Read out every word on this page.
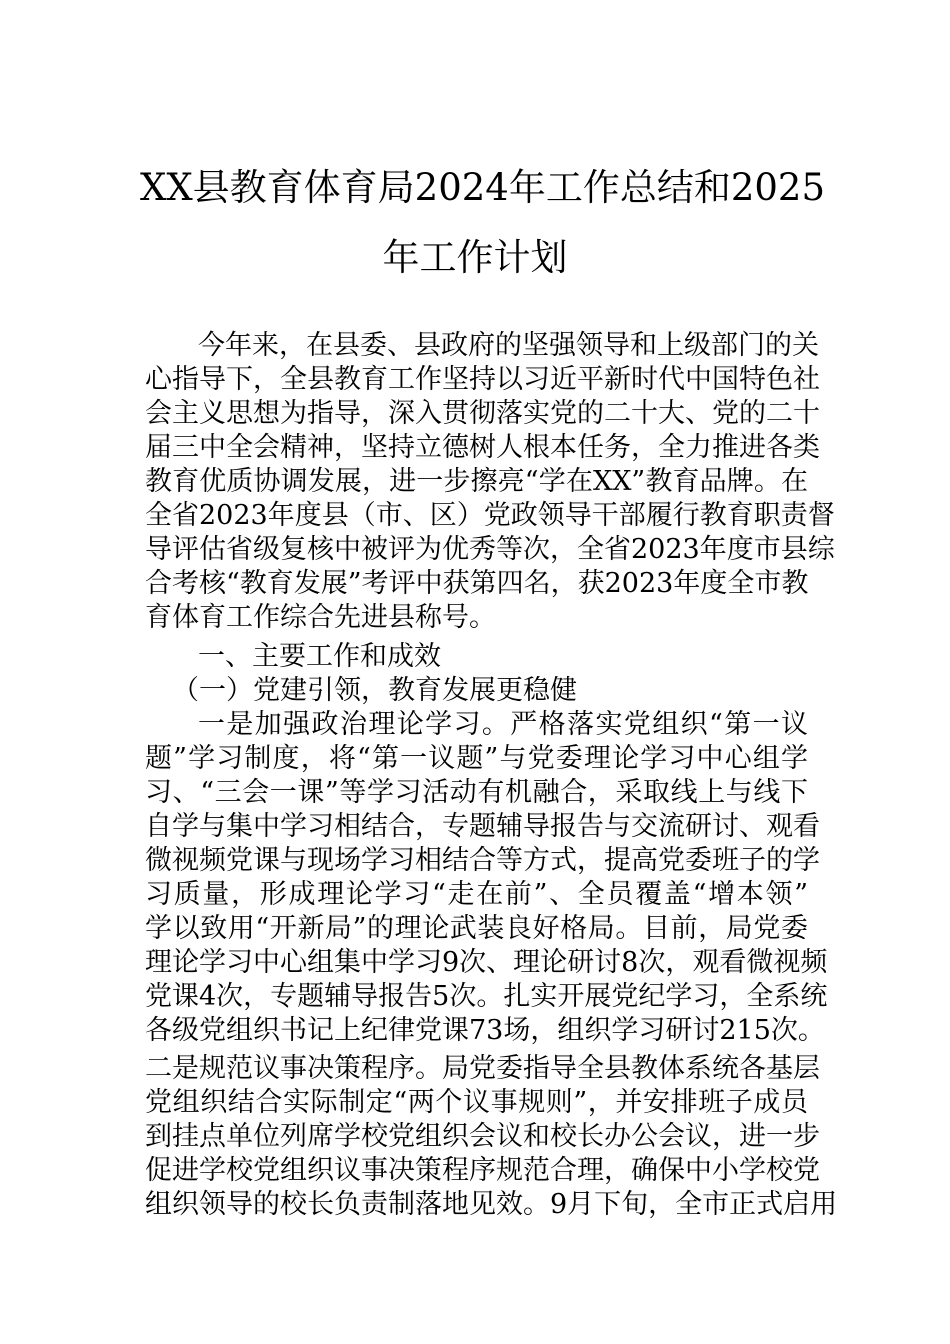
XX县教育体育局2024年工作总结和2025
年工作计划
今年来，在县委、县政府的坚强领导和上级部门的关
心指导下，全县教育工作坚持以习近平新时代中国特色社
会主义思想为指导，深入贯彻落实党的二十大、党的二十
届三中全会精神，坚持立德树人根本任务，全力推进各类
教育优质协调发展，进一步擦亮“学在XX”教育品牌。在
全省2023年度县（市、区）党政领导干部履行教育职责督
导评估省级复核中被评为优秀等次，全省2023年度市县综
合考核“教育发展”考评中获第四名，获2023年度全市教
育体育工作综合先进县称号。
一、主要工作和成效
（一）党建引领，教育发展更稳健
一是加强政治理论学习。严格落实党组织“第一议
题”学习制度，将“第一议题”与党委理论学习中心组学
习、“三会一课”等学习活动有机融合，采取线上与线下
自学与集中学习相结合，专题辅导报告与交流研讨、观看
微视频党课与现场学习相结合等方式，提高党委班子的学
习质量，形成理论学习“走在前”、全员覆盖“增本领”
学以致用“开新局”的理论武装良好格局。目前，局党委
理论学习中心组集中学习9次、理论研讨8次，观看微视频
党课4次，专题辅导报告5次。扎实开展党纪学习，全系统
各级党组织书记上纪律党课73场，组织学习研讨215次。
二是规范议事决策程序。局党委指导全县教体系统各基层
党组织结合实际制定“两个议事规则”，并安排班子成员
到挂点单位列席学校党组织会议和校长办公会议，进一步
促进学校党组织议事决策程序规范合理，确保中小学校党
组织领导的校长负责制落地见效。9月下旬，全市正式启用
